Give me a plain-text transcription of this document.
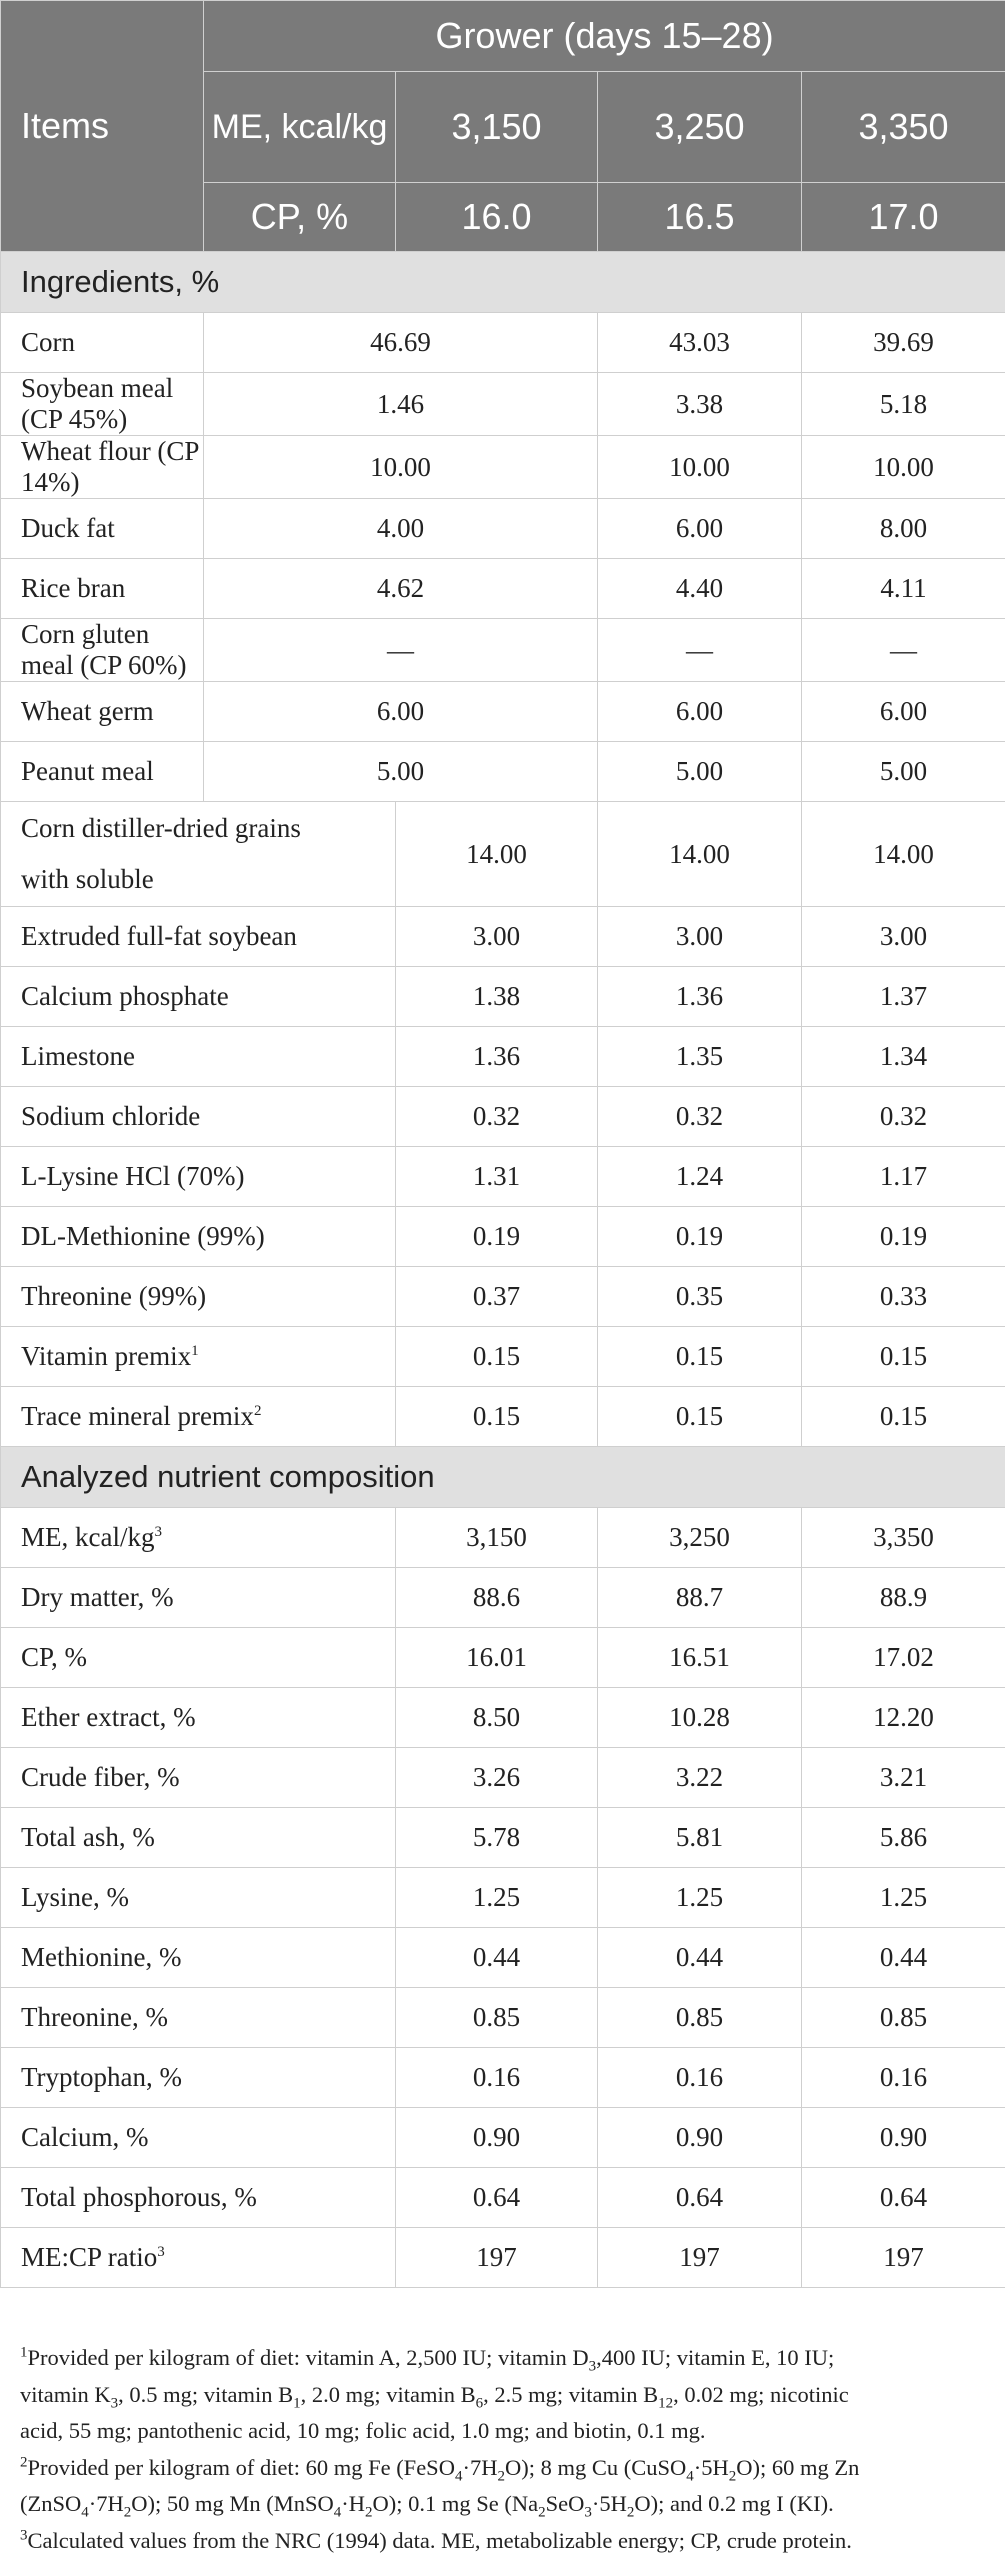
Items	Grower (days 15–28)			
	ME, kcal/kg	3,150	3,250	3,350
	CP, %	16.0	16.5	17.0
Ingredients, %				
Corn	46.69		43.03	39.69
Soybean meal (CP 45%)	1.46		3.38	5.18
Wheat flour (CP 14%)	10.00		10.00	10.00
Duck fat	4.00		6.00	8.00
Rice bran	4.62		4.40	4.11
Corn gluten meal (CP 60%)	—		—	—
Wheat germ	6.00		6.00	6.00
Peanut meal	5.00		5.00	5.00
Corn distiller-dried grains
with soluble		14.00	14.00	14.00
Extruded full-fat soybean		3.00	3.00	3.00
Calcium phosphate		1.38	1.36	1.37
Limestone		1.36	1.35	1.34
Sodium chloride		0.32	0.32	0.32
L-Lysine HCl (70%)		1.31	1.24	1.17
DL-Methionine (99%)		0.19	0.19	0.19
Threonine (99%)		0.37	0.35	0.33
Vitamin premix$^1$		0.15	0.15	0.15
Trace mineral premix$^2$		0.15	0.15	0.15
Analyzed nutrient composition				
ME, kcal/$kg^3$		3,150	3,250	3,350
Dry matter, %		88.6	88.7	88.9
CP, %		16.01	16.51	17.02
Ether extract, %		8.50	10.28	12.20
Crude fiber, %		3.26	3.22	3.21
Total ash, %		5.78	5.81	5.86
Lysine, %		1.25	1.25	1.25
Methionine, %		0.44	0.44	0.44
Threonine, %		0.85	0.85	0.85
Tryptophan, %		0.16	0.16	0.16
Calcium, %		0.90	0.90	0.90
Total phosphorous, %		0.64	0.64	0.64
ME:CP ratio$^3$		197	197	197

$^1$Provided per kilogram of diet: vitamin A, 2,500 IU; vitamin $D_3,400$ IU; vitamin E, 10 IU;
vitamin $K_3$, 0.5 mg; vitamin $B_1$, 2.0 mg; vitamin $B_6$, 2.5 mg; vitamin $B_{12}$, 0.02 mg; nicotinic
acid, 55 mg; pantothenic acid, 10 mg; folic acid, 1.0 mg; and biotin, 0.1 mg.

$^2$Provided per kilogram of diet: 60 mg Fe $(FeSO_4\cdot 7H_2O)$; 8 mg Cu $(CuSO_4\cdot 5H_2O)$; 60 mg Zn
$(ZnSO_4\cdot 7H_2O)$; 50 mg Mn $(MnSO_4\cdot H_2O)$; 0.1 mg Se $(Na_2SeO_3\cdot 5H_2O)$; and 0.2 mg I (KI).

$^3$Calculated values from the NRC (1994) data. ME, metabolizable energy; CP, crude protein.
